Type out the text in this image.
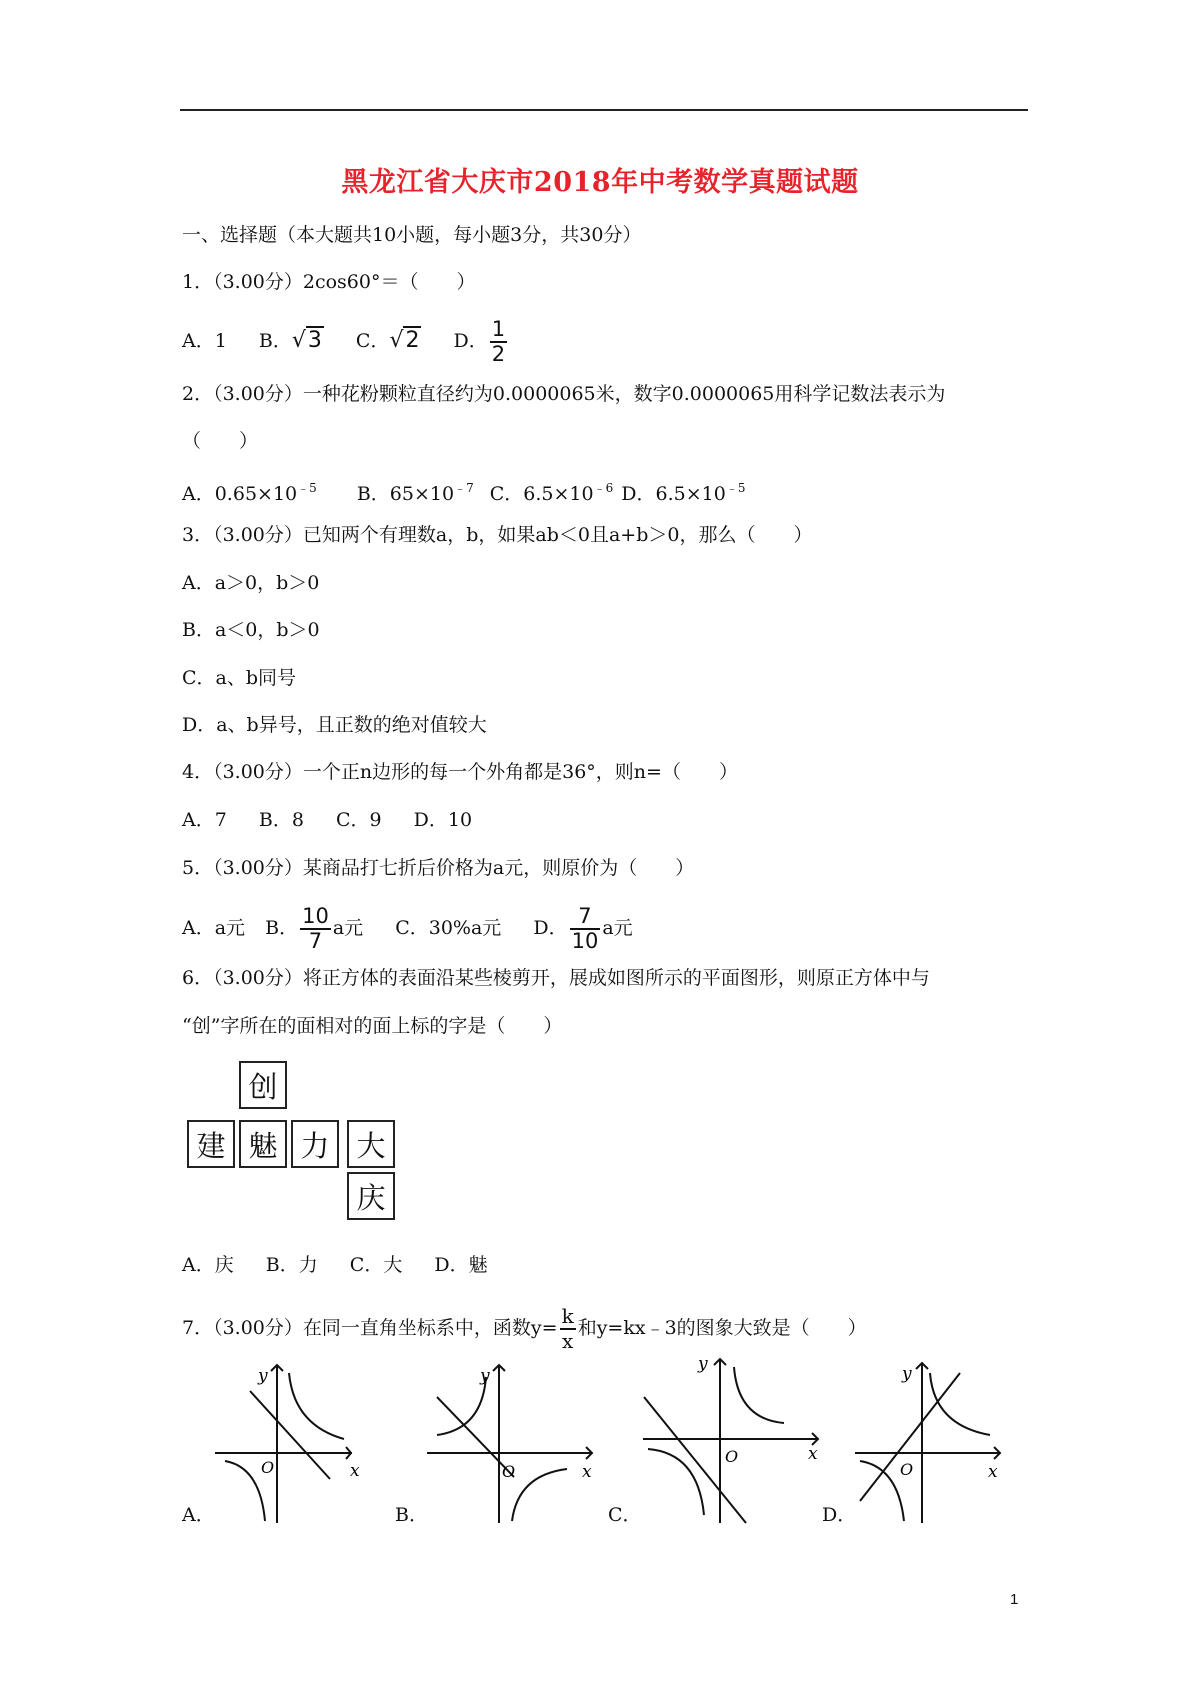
黑龙江省大庆市2018年中考数学真题试题
一、选择题（本大题共10小题，每小题3分，共30分）
1．（3.00分）2cos60°＝（　　）
A．1 B．√3 C．√2 D． $\frac{1}{2}$
2．（3.00分）一种花粉颗粒直径约为0.0000065米，数字0.0000065用科学记数法表示为
（　　）
A．$0.65\times 10^{﹣5}$ B．$65\times 10^{﹣7}$ C．$6.5\times 10^{﹣6}$ D．$6.5\times 10^{﹣5}$
3．（3.00分）已知两个有理数a，b，如果ab＜0且a+b＞0，那么（　　）
A．a＞0，b＞0
B．a＜0，b＞0
C．a、b同号
D．a、b异号，且正数的绝对值较大
4．（3.00分）一个正n边形的每一个外角都是36°，则n=（　　）
A．7 B．8 C．9 D．10
5．（3.00分）某商品打七折后价格为a元，则原价为（　　）
A．a元 B． $\frac{10}{7}$ a元 C．30%a元 D． $\frac{7}{10}$ a元
6．（3.00分）将正方体的表面沿某些棱剪开，展成如图所示的平面图形，则原正方体中与
“创”字所在的面相对的面上标的字是（　　）
创
建 魅 力 大
庆
A．庆 B．力 C．大 D．魅
7．（3.00分）在同一直角坐标系中，函数$y= \frac{k}{x}$ 和y=kx﹣3的图象大致是（　　）
A．
y
x
O
B．
y
x
O
C．
y
x
O
D．
y
x
O
1
